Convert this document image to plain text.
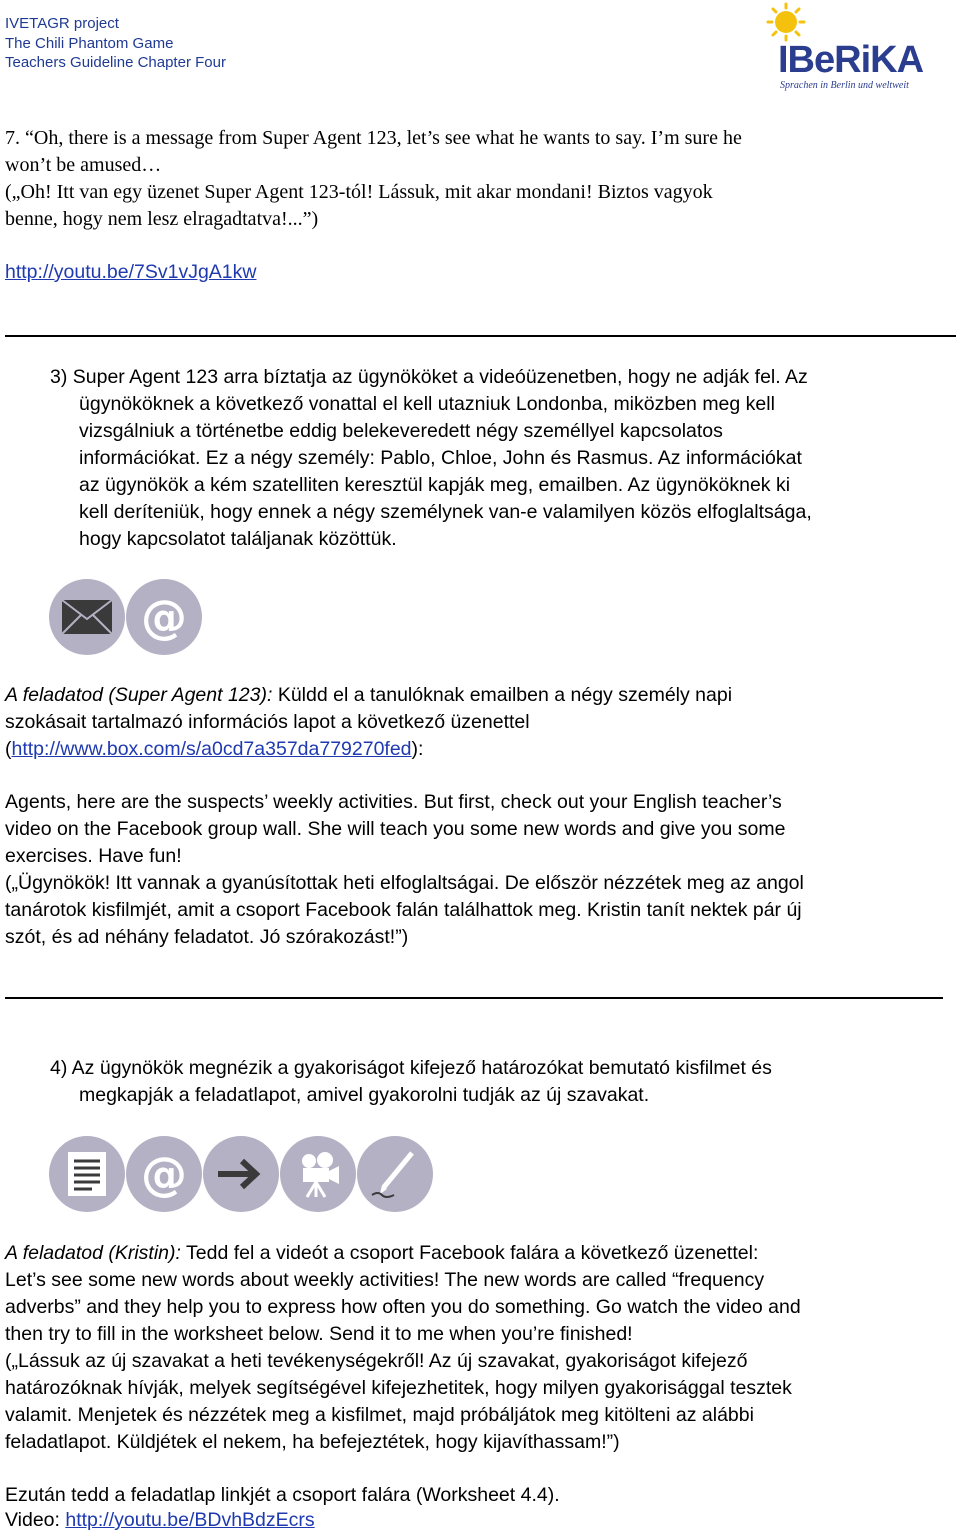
IVETAGR project
The Chili Phantom Game
Teachers Guideline Chapter Four	IBeRiKA
Sprachen in Berlin und weltweit
7. “Oh, there is a message from Super Agent 123, let’s see what he wants to say. I’m sure he
won’t be amused…
(„Oh! Itt van egy üzenet Super Agent 123-tól! Lássuk, mit akar mondani! Biztos vagyok
benne, hogy nem lesz elragadtatva!...”)
http://youtu.be/7Sv1vJgA1kw
3) Super Agent 123 arra bíztatja az ügynököket a videóüzenetben, hogy ne adják fel. Az
ügynököknek a következő vonattal el kell utazniuk Londonba, miközben meg kell
vizsgálniuk a történetbe eddig belekeveredett négy személlyel kapcsolatos
információkat. Ez a négy személy: Pablo, Chloe, John és Rasmus. Az információkat
az ügynökök a kém szatelliten keresztül kapják meg, emailben. Az ügynököknek ki
kell deríteniük, hogy ennek a négy személynek van-e valamilyen közös elfoglaltsága,
hogy kapcsolatot találjanak közöttük.
@
A feladatod (Super Agent 123): Küldd el a tanulóknak emailben a négy személy napi
szokásait tartalmazó információs lapot a következő üzenettel
(http://www.box.com/s/a0cd7a357da779270fed):
Agents, here are the suspects’ weekly activities. But first, check out your English teacher’s
video on the Facebook group wall. She will teach you some new words and give you some
exercises. Have fun!
(„Ügynökök! Itt vannak a gyanúsítottak heti elfoglaltságai. De először nézzétek meg az angol
tanárotok kisfilmjét, amit a csoport Facebook falán találhattok meg. Kristin tanít nektek pár új
szót, és ad néhány feladatot. Jó szórakozást!”)
4) Az ügynökök megnézik a gyakoriságot kifejező határozókat bemutató kisfilmet és
megkapják a feladatlapot, amivel gyakorolni tudják az új szavakat.
@
A feladatod (Kristin): Tedd fel a videót a csoport Facebook falára a következő üzenettel:
Let’s see some new words about weekly activities! The new words are called “frequency
adverbs” and they help you to express how often you do something. Go watch the video and
then try to fill in the worksheet below. Send it to me when you’re finished!
(„Lássuk az új szavakat a heti tevékenységekről! Az új szavakat, gyakoriságot kifejező
határozóknak hívják, melyek segítségével kifejezhetitek, hogy milyen gyakorisággal tesztek
valamit. Menjetek és nézzétek meg a kisfilmet, majd próbáljátok meg kitölteni az alábbi
feladatlapot. Küldjétek el nekem, ha befejeztétek, hogy kijavíthassam!”)
Ezután tedd a feladatlap linkjét a csoport falára (Worksheet 4.4).
Video: http://youtu.be/BDvhBdzEcrs
